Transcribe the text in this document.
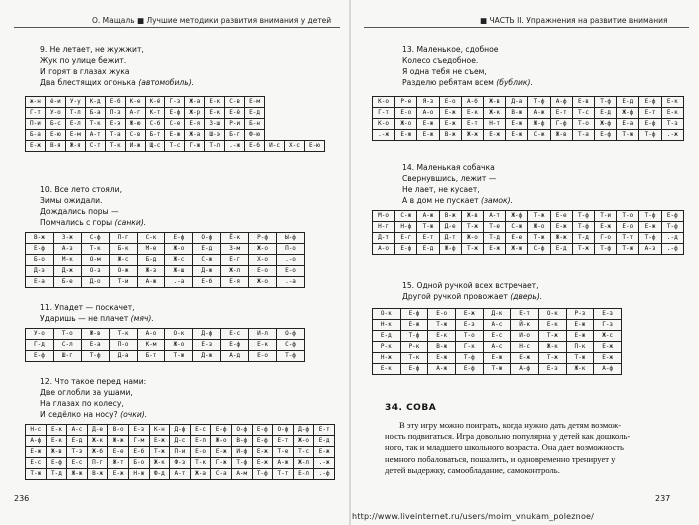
О. Мащаль ■ Лучшие методики развития внимания у детей
9. Не летает, не жужжит,
Жук по улице бежит.
И горят в глазах жука
Два блестящих огонька (автомобиль).
ж-н	ё-и	У-у	К-д	Е-б	К-е	К-ё	Г-з	Ж-а	Е-к	С-в	Е-м			
Г-т	У-о	Т-л	Б-а	П-з	А-г	К-т	Е-ф	Ж-р	Е-к	Е-ё	Е-д			
П-и	Б-с	Е-л	Т-к	Е-э	Ж-ю	С-б	С-е	Е-я	З-ш	Р-и	Б-н			
Б-а	Е-ю	Е-м	А-т	Т-а	С-в	Б-т	Е-ж	Ж-а	Ш-э	Б-г	Ф-ю			
Е-ж	В-я	Ж-я	С-т	Т-к	И-ж	Щ-с	Т-с	Г-ж	Т-л	.-ж	Е-б	И-с	Х-с	Е-ю
10. Все лето стояли,
Зимы ожидали.
Дождались поры —
Помчались с горы (санки).
В-ж	З-ж	С-ф	П-г	С-к	Е-ф	О-ф	Ё-к	Р-ф	Ы-ф
Е-ф	А-з	Т-к	Б-к	М-е	Ж-о	Е-д	З-м	Ж-о	П-о
Б-о	М-к	О-м	Ж-с	Б-д	Ж-с	С-ж	Е-г	Х-о	.-о
Д-з	Д-ж	О-з	О-ж	Ж-з	Ж-ш	Д-ж	Ж-л	Е-о	Е-о
Е-а	Б-е	Д-о	Т-и	А-ж	.-а	Е-б	Е-я	Ж-о	.-а
11. Упадет — поскачет,
Ударишь — не плачет (мяч).
У-о	Т-о	Ж-в	Т-к	А-о	О-к	Д-ф	Е-с	И-л	О-ф
Г-д	С-л	Е-а	П-о	К-м	Ж-о	Е-з	Е-ф	Е-к	С-ф
Е-ф	Ш-г	Т-ф	Д-а	Б-т	Т-ж	Д-ж	А-д	Е-о	Т-ф
12. Что такое перед нами:
Две оглобли за ушами,
На глазах по колесу,
И седёлко на носу? (очки).
Н-с	Е-к	А-с	Д-е	В-о	Е-з	К-н	Д-ф	Е-с	Е-ф	О-ф	Е-ф	О-ф	Д-ф	Е-т
А-ф	Е-к	Е-д	Ж-к	Ж-ж	Г-м	Е-ж	Д-с	Е-п	Ж-о	В-ф	Е-ф	Е-т	Ж-о	Е-д
Е-ж	Ж-в	Т-з	Ж-б	Е-е	Е-б	Т-ж	П-и	Е-о	Е-ж	И-ф	Е-ж	Т-е	Т-с	Е-ж
Е-с	Е-ф	Е-с	П-г	Ж-т	Б-о	Ж-к	Ф-з	Т-к	Г-ж	Т-ф	Е-ж	А-ж	Ж-л	.-ж
Т-ж	Т-д	Ж-ж	В-ж	Е-ж	Н-ж	Ф-д	А-т	Ж-а	С-а	А-м	Т-ф	Т-т	Е-л	.-ф
236
■ ЧАСТЬ II. Упражнения на развитие внимания
13. Маленькое, сдобное
Колесо съедобное.
Я одна тебя не съем,
Разделю ребятам всем (бублик).
К-о	Р-е	Я-з	Е-о	А-б	Ж-в	Д-а	Т-ф	А-ф	Е-в	Т-ф	Е-д	Е-ф	Е-к
Г-т	Е-о	А-о	Е-ж	Е-к	Ж-к	В-ж	А-ж	Е-т	Т-с	Е-д	Ж-ф	Е-т	Е-к
К-о	Ж-о	Е-ж	Е-ж	Е-т	Н-т	Е-ж	Ж-ф	Г-ф	Т-о	Ж-ф	Е-а	Е-ф	Т-з
.-ж	Е-ж	Е-ж	В-ж	Ж-ж	Е-ж	Е-ж	С-ж	Ж-в	Т-а	Е-ф	Т-ж	Т-ф	.-ж
14. Маленькая собачка
Свернувшись, лежит —
Не лает, не кусает,
А в дом не пускает (замок).
М-о	С-ж	А-ж	В-ж	Ж-в	А-т	Ж-ф	Т-ж	Е-е	Т-ф	Т-и	Т-о	Т-ф	Е-ф
Н-г	Н-ф	Т-ж	Д-е	Т-ж	Т-е	С-ж	Ж-о	Е-ж	Т-ф	Е-ж	Е-о	Е-ж	Т-ф
Д-т	Е-г	Е-т	Д-т	Ж-о	Т-д	Е-е	Т-ж	Ж-ж	Т-д	Г-о	Т-т	Т-ф	.-д
А-о	Е-ф	Е-д	Ж-ф	Т-ж	Е-ж	Ж-ж	С-ф	Е-д	Т-ж	Т-ф	Т-ж	А-з	.-ф
15. Одной ручкой всех встречает,
Другой ручкой провожает (дверь).
О-к	Е-ф	Е-о	Е-ж	Д-к	Е-т	О-к	Р-з	Е-з
Н-к	Е-ж	Т-ж	Е-з	А-с	Й-к	Е-к	Е-ж	Г-з
Е-д	Т-ф	Е-к	Т-о	Е-с	И-о	Т-ж	Е-ж	Ж-с
Р-к	Р-к	В-ж	Г-к	А-с	Н-с	Ж-к	П-к	Е-ж
Н-ж	Т-к	Е-ж	Т-ф	Е-ж	Е-ж	Т-ж	Т-ж	Е-ж
Е-к	Е-ф	А-ж	Е-ф	Т-ж	А-ф	Е-з	Ж-к	А-ф
34. СОВА
В эту игру можно поиграть, когда нужно дать детям возмож-
ность подвигаться. Игра довольно популярна у детей как дошколь-
ного, так и младшего школьного возраста. Она дает возможность
немного побаловаться, пошалить, и одновременно тренирует у
детей выдержку, самообладание, самоконтроль.
237
http://www.liveinternet.ru/users/moim_vnukam_poleznoe/
